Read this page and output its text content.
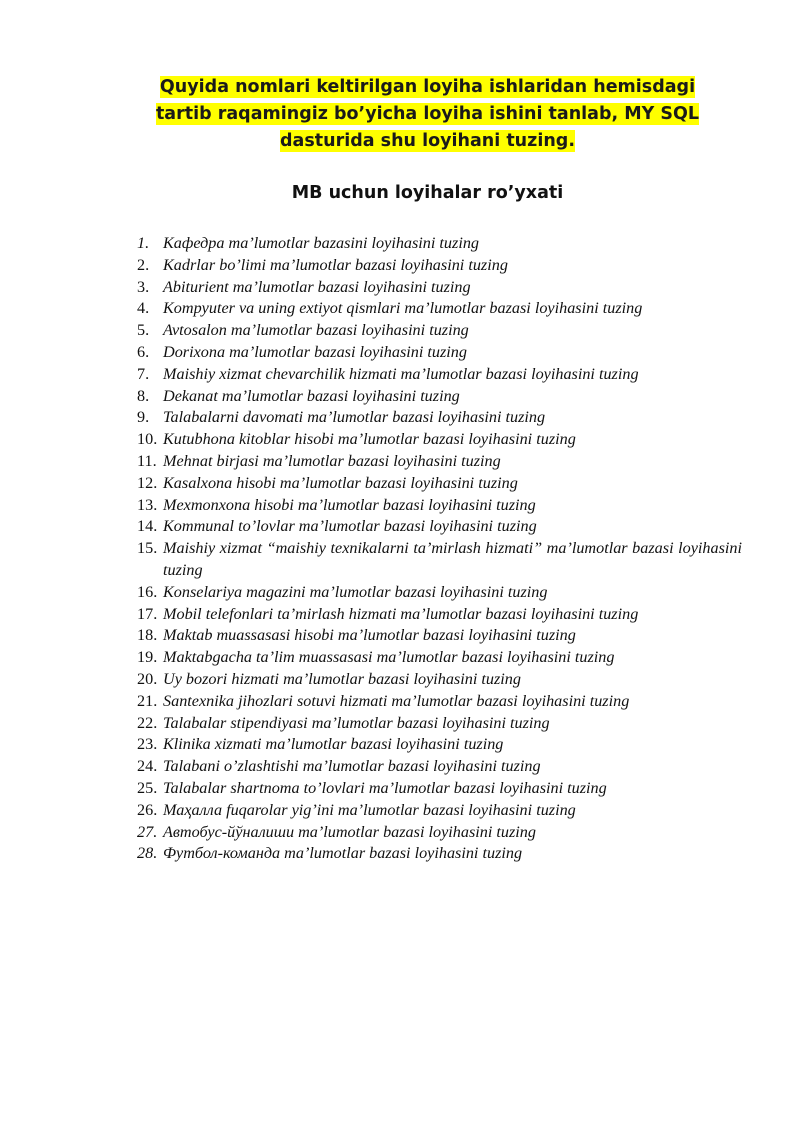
Quyida nomlari keltirilgan loyiha ishlaridan hemisdagi tartib raqamingiz bo’yicha loyiha ishini tanlab, MY SQL dasturida shu loyihani tuzing.
MB uchun loyihalar ro’yxati
1. Кафедра ma’lumotlar bazasini loyihasini tuzing
2. Kadrlar bo’limi ma’lumotlar bazasi loyihasini tuzing
3. Abiturient ma’lumotlar bazasi loyihasini tuzing
4. Kompyuter va uning extiyot qismlari ma’lumotlar bazasi loyihasini tuzing
5. Avtosalon ma’lumotlar bazasi loyihasini tuzing
6. Dorixona ma’lumotlar bazasi loyihasini tuzing
7. Maishiy xizmat chevarchilik hizmati ma’lumotlar bazasi loyihasini tuzing
8. Dekanat ma’lumotlar bazasi loyihasini tuzing
9. Talabalarni davomati ma’lumotlar bazasi loyihasini tuzing
10. Kutubhona kitoblar hisobi ma’lumotlar bazasi loyihasini tuzing
11. Mehnat birjasi ma’lumotlar bazasi loyihasini tuzing
12. Kasalxona hisobi ma’lumotlar bazasi loyihasini tuzing
13. Mexmonxona hisobi ma’lumotlar bazasi loyihasini tuzing
14. Kommunal to’lovlar ma’lumotlar bazasi loyihasini tuzing
15. Maishiy xizmat “maishiy texnikalarni ta’mirlash hizmati” ma’lumotlar bazasi loyihasini tuzing
16. Konselariya magazini ma’lumotlar bazasi loyihasini tuzing
17. Mobil telefonlari ta’mirlash hizmati ma’lumotlar bazasi loyihasini tuzing
18. Maktab muassasasi hisobi ma’lumotlar bazasi loyihasini tuzing
19. Maktabgacha ta’lim muassasasi ma’lumotlar bazasi loyihasini tuzing
20. Uy bozori hizmati ma’lumotlar bazasi loyihasini tuzing
21. Santexnika jihozlari sotuvi hizmati ma’lumotlar bazasi loyihasini tuzing
22. Talabalar stipendiyasi ma’lumotlar bazasi loyihasini tuzing
23. Klinika xizmati ma’lumotlar bazasi loyihasini tuzing
24. Talabani o’zlashtishi ma’lumotlar bazasi loyihasini tuzing
25. Talabalar shartnoma to’lovlari ma’lumotlar bazasi loyihasini tuzing
26. Маҳалла fuqarolar yig’ini ma’lumotlar bazasi loyihasini tuzing
27. Автобус-йўналиши ma’lumotlar bazasi loyihasini tuzing
28. Футбол-команда ma’lumotlar bazasi loyihasini tuzing
